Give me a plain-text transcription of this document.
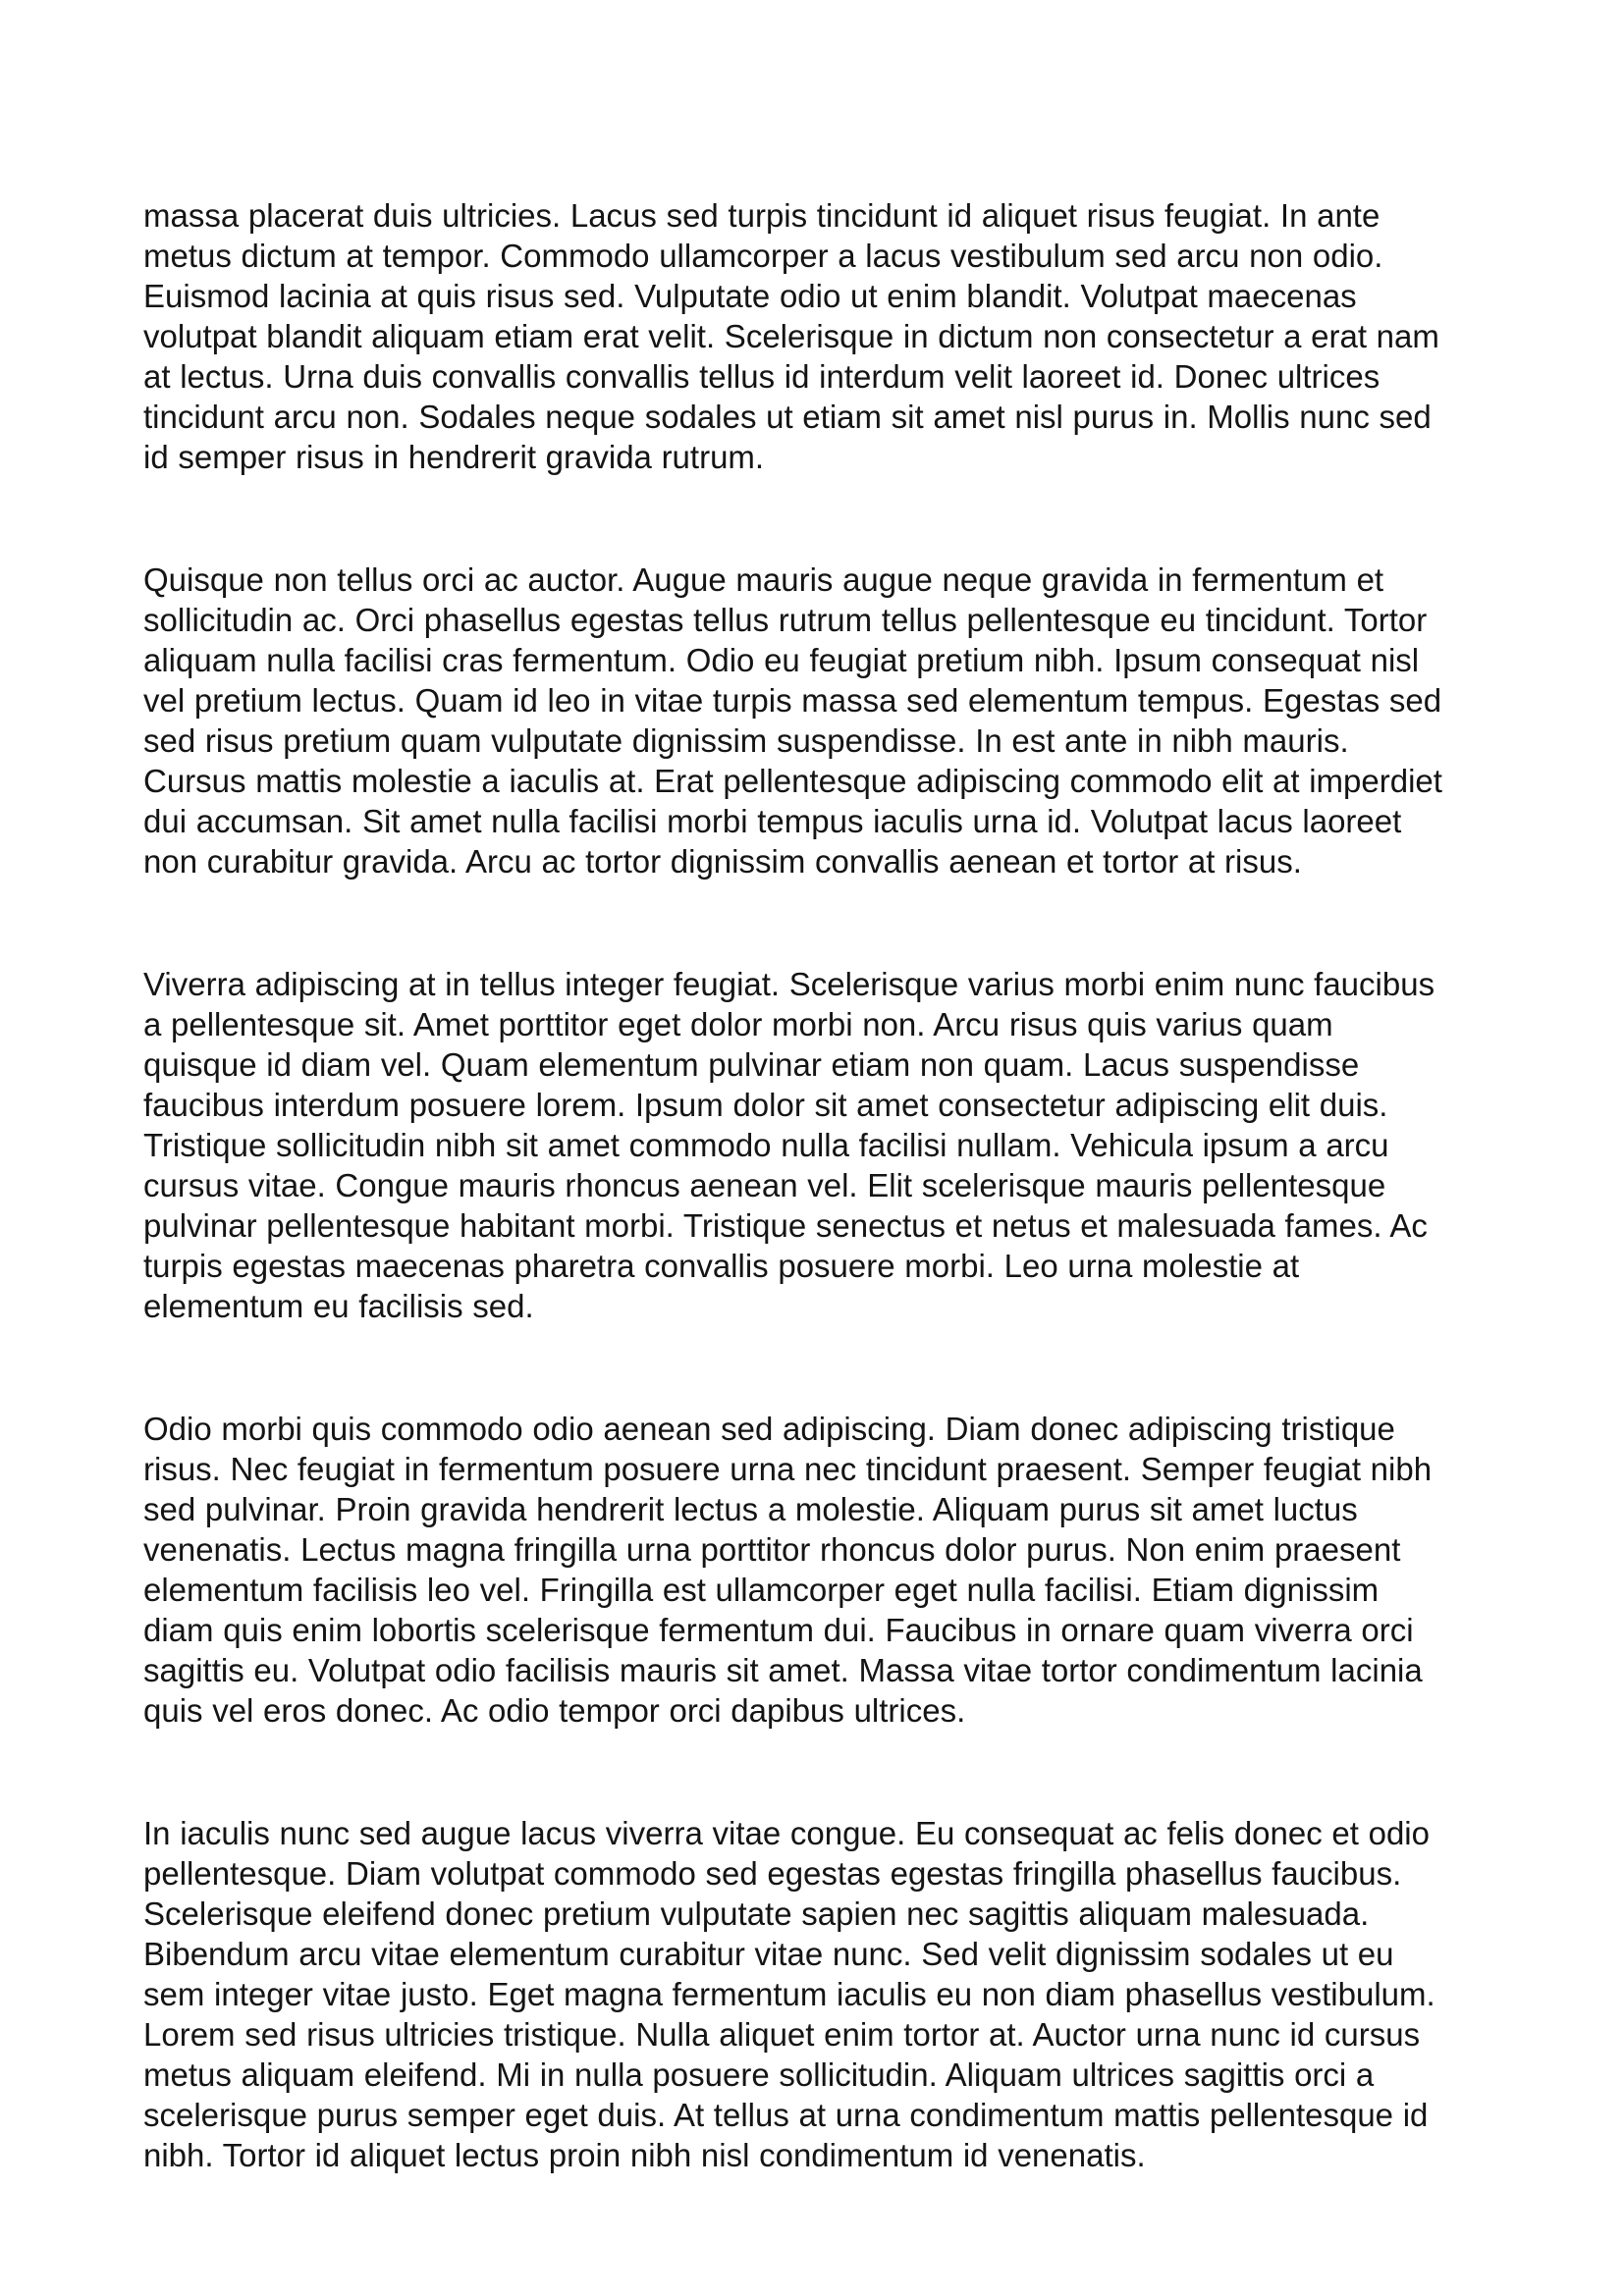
massa placerat duis ultricies. Lacus sed turpis tincidunt id aliquet risus feugiat. In ante metus dictum at tempor. Commodo ullamcorper a lacus vestibulum sed arcu non odio. Euismod lacinia at quis risus sed. Vulputate odio ut enim blandit. Volutpat maecenas volutpat blandit aliquam etiam erat velit. Scelerisque in dictum non consectetur a erat nam at lectus. Urna duis convallis convallis tellus id interdum velit laoreet id. Donec ultrices tincidunt arcu non. Sodales neque sodales ut etiam sit amet nisl purus in. Mollis nunc sed id semper risus in hendrerit gravida rutrum.

Quisque non tellus orci ac auctor. Augue mauris augue neque gravida in fermentum et sollicitudin ac. Orci phasellus egestas tellus rutrum tellus pellentesque eu tincidunt. Tortor aliquam nulla facilisi cras fermentum. Odio eu feugiat pretium nibh. Ipsum consequat nisl vel pretium lectus. Quam id leo in vitae turpis massa sed elementum tempus. Egestas sed sed risus pretium quam vulputate dignissim suspendisse. In est ante in nibh mauris. Cursus mattis molestie a iaculis at. Erat pellentesque adipiscing commodo elit at imperdiet dui accumsan. Sit amet nulla facilisi morbi tempus iaculis urna id. Volutpat lacus laoreet non curabitur gravida. Arcu ac tortor dignissim convallis aenean et tortor at risus.

Viverra adipiscing at in tellus integer feugiat. Scelerisque varius morbi enim nunc faucibus a pellentesque sit. Amet porttitor eget dolor morbi non. Arcu risus quis varius quam quisque id diam vel. Quam elementum pulvinar etiam non quam. Lacus suspendisse faucibus interdum posuere lorem. Ipsum dolor sit amet consectetur adipiscing elit duis. Tristique sollicitudin nibh sit amet commodo nulla facilisi nullam. Vehicula ipsum a arcu cursus vitae. Congue mauris rhoncus aenean vel. Elit scelerisque mauris pellentesque pulvinar pellentesque habitant morbi. Tristique senectus et netus et malesuada fames. Ac turpis egestas maecenas pharetra convallis posuere morbi. Leo urna molestie at elementum eu facilisis sed.

Odio morbi quis commodo odio aenean sed adipiscing. Diam donec adipiscing tristique risus. Nec feugiat in fermentum posuere urna nec tincidunt praesent. Semper feugiat nibh sed pulvinar. Proin gravida hendrerit lectus a molestie. Aliquam purus sit amet luctus venenatis. Lectus magna fringilla urna porttitor rhoncus dolor purus. Non enim praesent elementum facilisis leo vel. Fringilla est ullamcorper eget nulla facilisi. Etiam dignissim diam quis enim lobortis scelerisque fermentum dui. Faucibus in ornare quam viverra orci sagittis eu. Volutpat odio facilisis mauris sit amet. Massa vitae tortor condimentum lacinia quis vel eros donec. Ac odio tempor orci dapibus ultrices.

In iaculis nunc sed augue lacus viverra vitae congue. Eu consequat ac felis donec et odio pellentesque. Diam volutpat commodo sed egestas egestas fringilla phasellus faucibus. Scelerisque eleifend donec pretium vulputate sapien nec sagittis aliquam malesuada. Bibendum arcu vitae elementum curabitur vitae nunc. Sed velit dignissim sodales ut eu sem integer vitae justo. Eget magna fermentum iaculis eu non diam phasellus vestibulum. Lorem sed risus ultricies tristique. Nulla aliquet enim tortor at. Auctor urna nunc id cursus metus aliquam eleifend. Mi in nulla posuere sollicitudin. Aliquam ultrices sagittis orci a scelerisque purus semper eget duis. At tellus at urna condimentum mattis pellentesque id nibh. Tortor id aliquet lectus proin nibh nisl condimentum id venenatis.
